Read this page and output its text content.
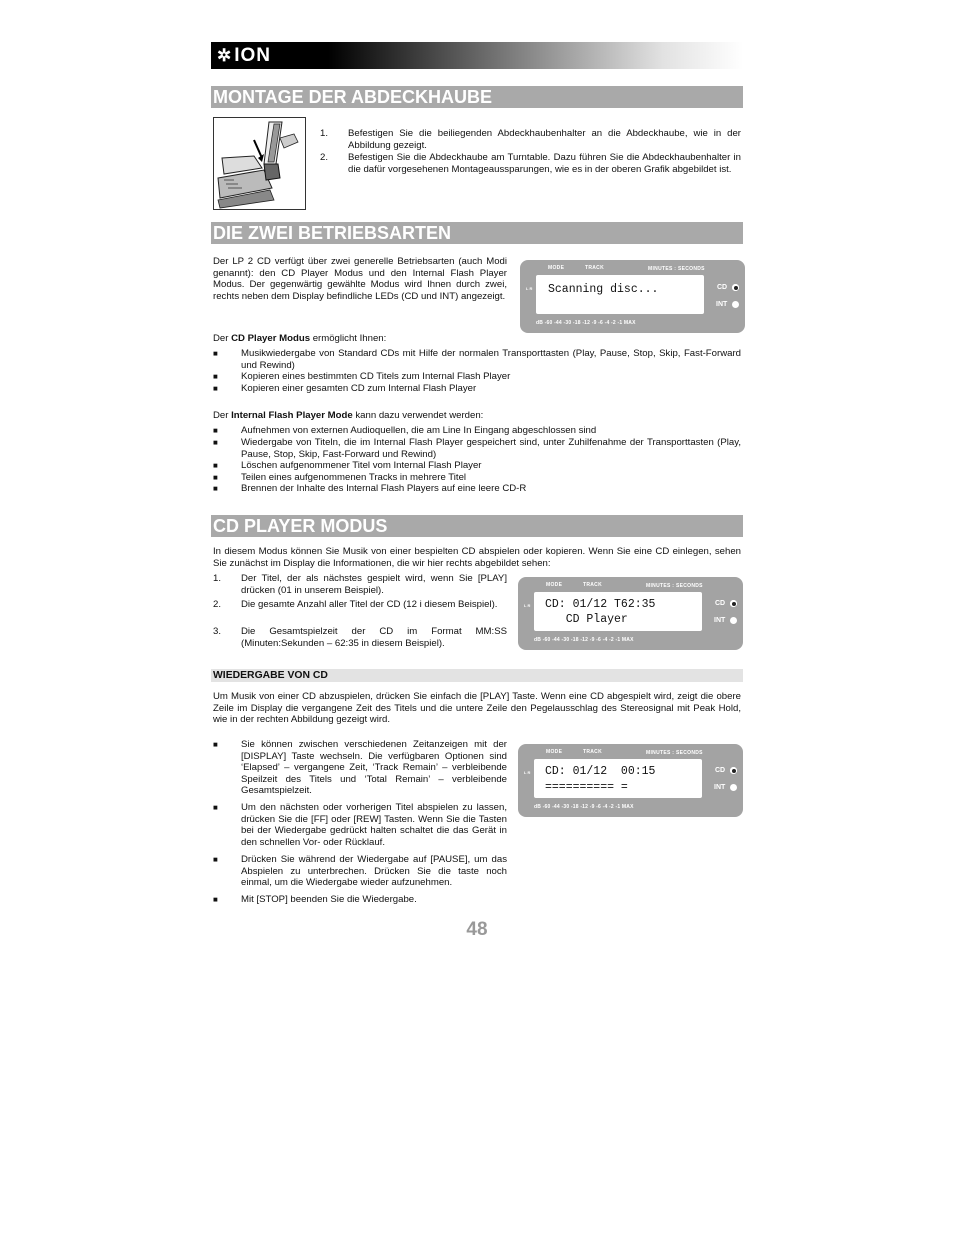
✲ ION
MONTAGE DER ABDECKHAUBE
1. Befestigen Sie die beiliegenden Abdeckhaubenhalter an die Abdeckhaube, wie in der Abbildung gezeigt.
2. Befestigen Sie die Abdeckhaube am Turntable. Dazu führen Sie die Abdeckhaubenhalter in die dafür vorgesehenen Montageaussparungen, wie es in der oberen Grafik abgebildet ist.
DIE ZWEI BETRIEBSARTEN
Der LP 2 CD verfügt über zwei generelle Betriebsarten (auch Modi genannt): den CD Player Modus und den Internal Flash Player Modus. Der gegenwärtig gewählte Modus wird Ihnen durch zwei, rechts neben dem Display befindliche LEDs (CD und INT) angezeigt.
MODE	TRACK	MINUTES : SECONDS
L R Scanning disc...
dB -60 -44 -30 -18 -12 -9 -6 -4 -2 -1 MAX
CD
INT
Der CD Player Modus ermöglicht Ihnen:
■ Musikwiedergabe von Standard CDs mit Hilfe der normalen Transporttasten (Play, Pause, Stop, Skip, Fast-Forward und Rewind)
■ Kopieren eines bestimmten CD Titels zum Internal Flash Player
■ Kopieren einer gesamten CD zum Internal Flash Player
Der Internal Flash Player Mode kann dazu verwendet werden:
■ Aufnehmen von externen Audioquellen, die am Line In Eingang abgeschlossen sind
■ Wiedergabe von Titeln, die im Internal Flash Player gespeichert sind, unter Zuhilfenahme der Transporttasten (Play, Pause, Stop, Skip, Fast-Forward und Rewind)
■ Löschen aufgenommener Titel vom Internal Flash Player
■ Teilen eines aufgenommenen Tracks in mehrere Titel
■ Brennen der Inhalte des Internal Flash Players auf eine leere CD-R
CD PLAYER MODUS
In diesem Modus können Sie Musik von einer bespielten CD abspielen oder kopieren. Wenn Sie eine CD einlegen, sehen Sie zunächst im Display die Informationen, die wir hier rechts abgebildet sehen:
1. Der Titel, der als nächstes gespielt wird, wenn Sie [PLAY] drücken (01 in unserem Beispiel).
2. Die gesamte Anzahl aller Titel der CD (12 i diesem Beispiel).
3. Die Gesamtspielzeit der CD im Format MM:SS (Minuten:Sekunden – 62:35 in diesem Beispiel).
MODE	TRACK	MINUTES : SECONDS
L R CD: 01/12 T62:35
CD Player
dB -60 -44 -30 -18 -12 -9 -6 -4 -2 -1 MAX
CD
INT
WIEDERGABE VON CD
Um Musik von einer CD abzuspielen, drücken Sie einfach die [PLAY] Taste. Wenn eine CD abgespielt wird, zeigt die obere Zeile im Display die vergangene Zeit des Titels und die untere Zeile den Pegelausschlag des Stereosignal mit Peak Hold, wie in der rechten Abbildung gezeigt wird.
■ Sie können zwischen verschiedenen Zeitanzeigen mit der [DISPLAY] Taste wechseln. Die verfügbaren Optionen sind ‘Elapsed’ – vergangene Zeit, ‘Track Remain’ – verbleibende Speilzeit des Titels und ‘Total Remain’ – verbleibende Gesamtspielzeit.
■ Um den nächsten oder vorherigen Titel abspielen zu lassen, drücken Sie die [FF] oder [REW] Tasten. Wenn Sie die Tasten bei der Wiedergabe gedrückt halten schaltet die das Gerät in den schnellen Vor- oder Rücklauf.
■ Drücken Sie während der Wiedergabe auf [PAUSE], um das Abspielen zu unterbrechen. Drücken Sie die taste noch einmal, um die Wiedergabe wieder aufzunehmen.
■ Mit [STOP] beenden Sie die Wiedergabe.
MODE	TRACK	MINUTES : SECONDS
L R CD: 01/12  00:15
========== =
dB -60 -44 -30 -18 -12 -9 -6 -4 -2 -1 MAX
CD
INT
48
